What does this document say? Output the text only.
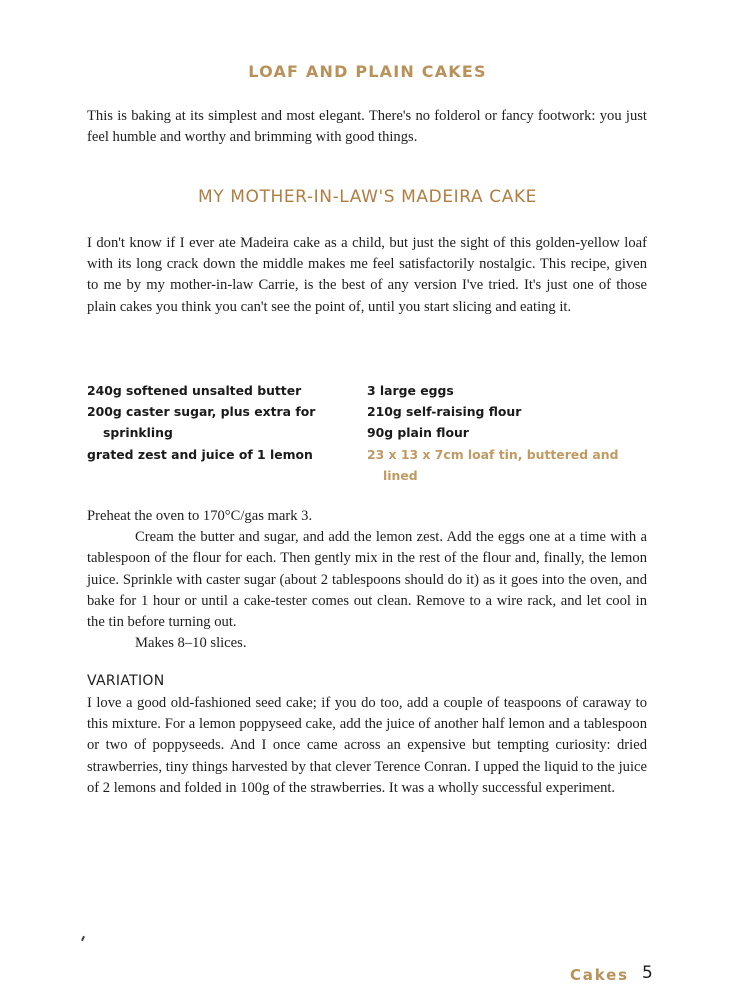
LOAF AND PLAIN CAKES
This is baking at its simplest and most elegant. There's no folderol or fancy footwork: you just feel humble and worthy and brimming with good things.
MY MOTHER-IN-LAW'S MADEIRA CAKE
I don't know if I ever ate Madeira cake as a child, but just the sight of this golden-yellow loaf with its long crack down the middle makes me feel satisfactorily nostalgic. This recipe, given to me by my mother-in-law Carrie, is the best of any version I've tried. It's just one of those plain cakes you think you can't see the point of, until you start slicing and eating it.
240g softened unsalted butter
200g caster sugar, plus extra for sprinkling
grated zest and juice of 1 lemon
3 large eggs
210g self-raising flour
90g plain flour
23 x 13 x 7cm loaf tin, buttered and lined

Preheat the oven to 170°C/gas mark 3.

Cream the butter and sugar, and add the lemon zest. Add the eggs one at a time with a tablespoon of the flour for each. Then gently mix in the rest of the flour and, finally, the lemon juice. Sprinkle with caster sugar (about 2 tablespoons should do it) as it goes into the oven, and bake for 1 hour or until a cake-tester comes out clean. Remove to a wire rack, and let cool in the tin before turning out.

Makes 8–10 slices.

VARIATION
I love a good old-fashioned seed cake; if you do too, add a couple of teaspoons of caraway to this mixture. For a lemon poppyseed cake, add the juice of another half lemon and a tablespoon or two of poppyseeds. And I once came across an expensive but tempting curiosity: dried strawberries, tiny things harvested by that clever Terence Conran. I upped the liquid to the juice of 2 lemons and folded in 100g of the strawberries. It was a wholly successful experiment.
Cakes 5
